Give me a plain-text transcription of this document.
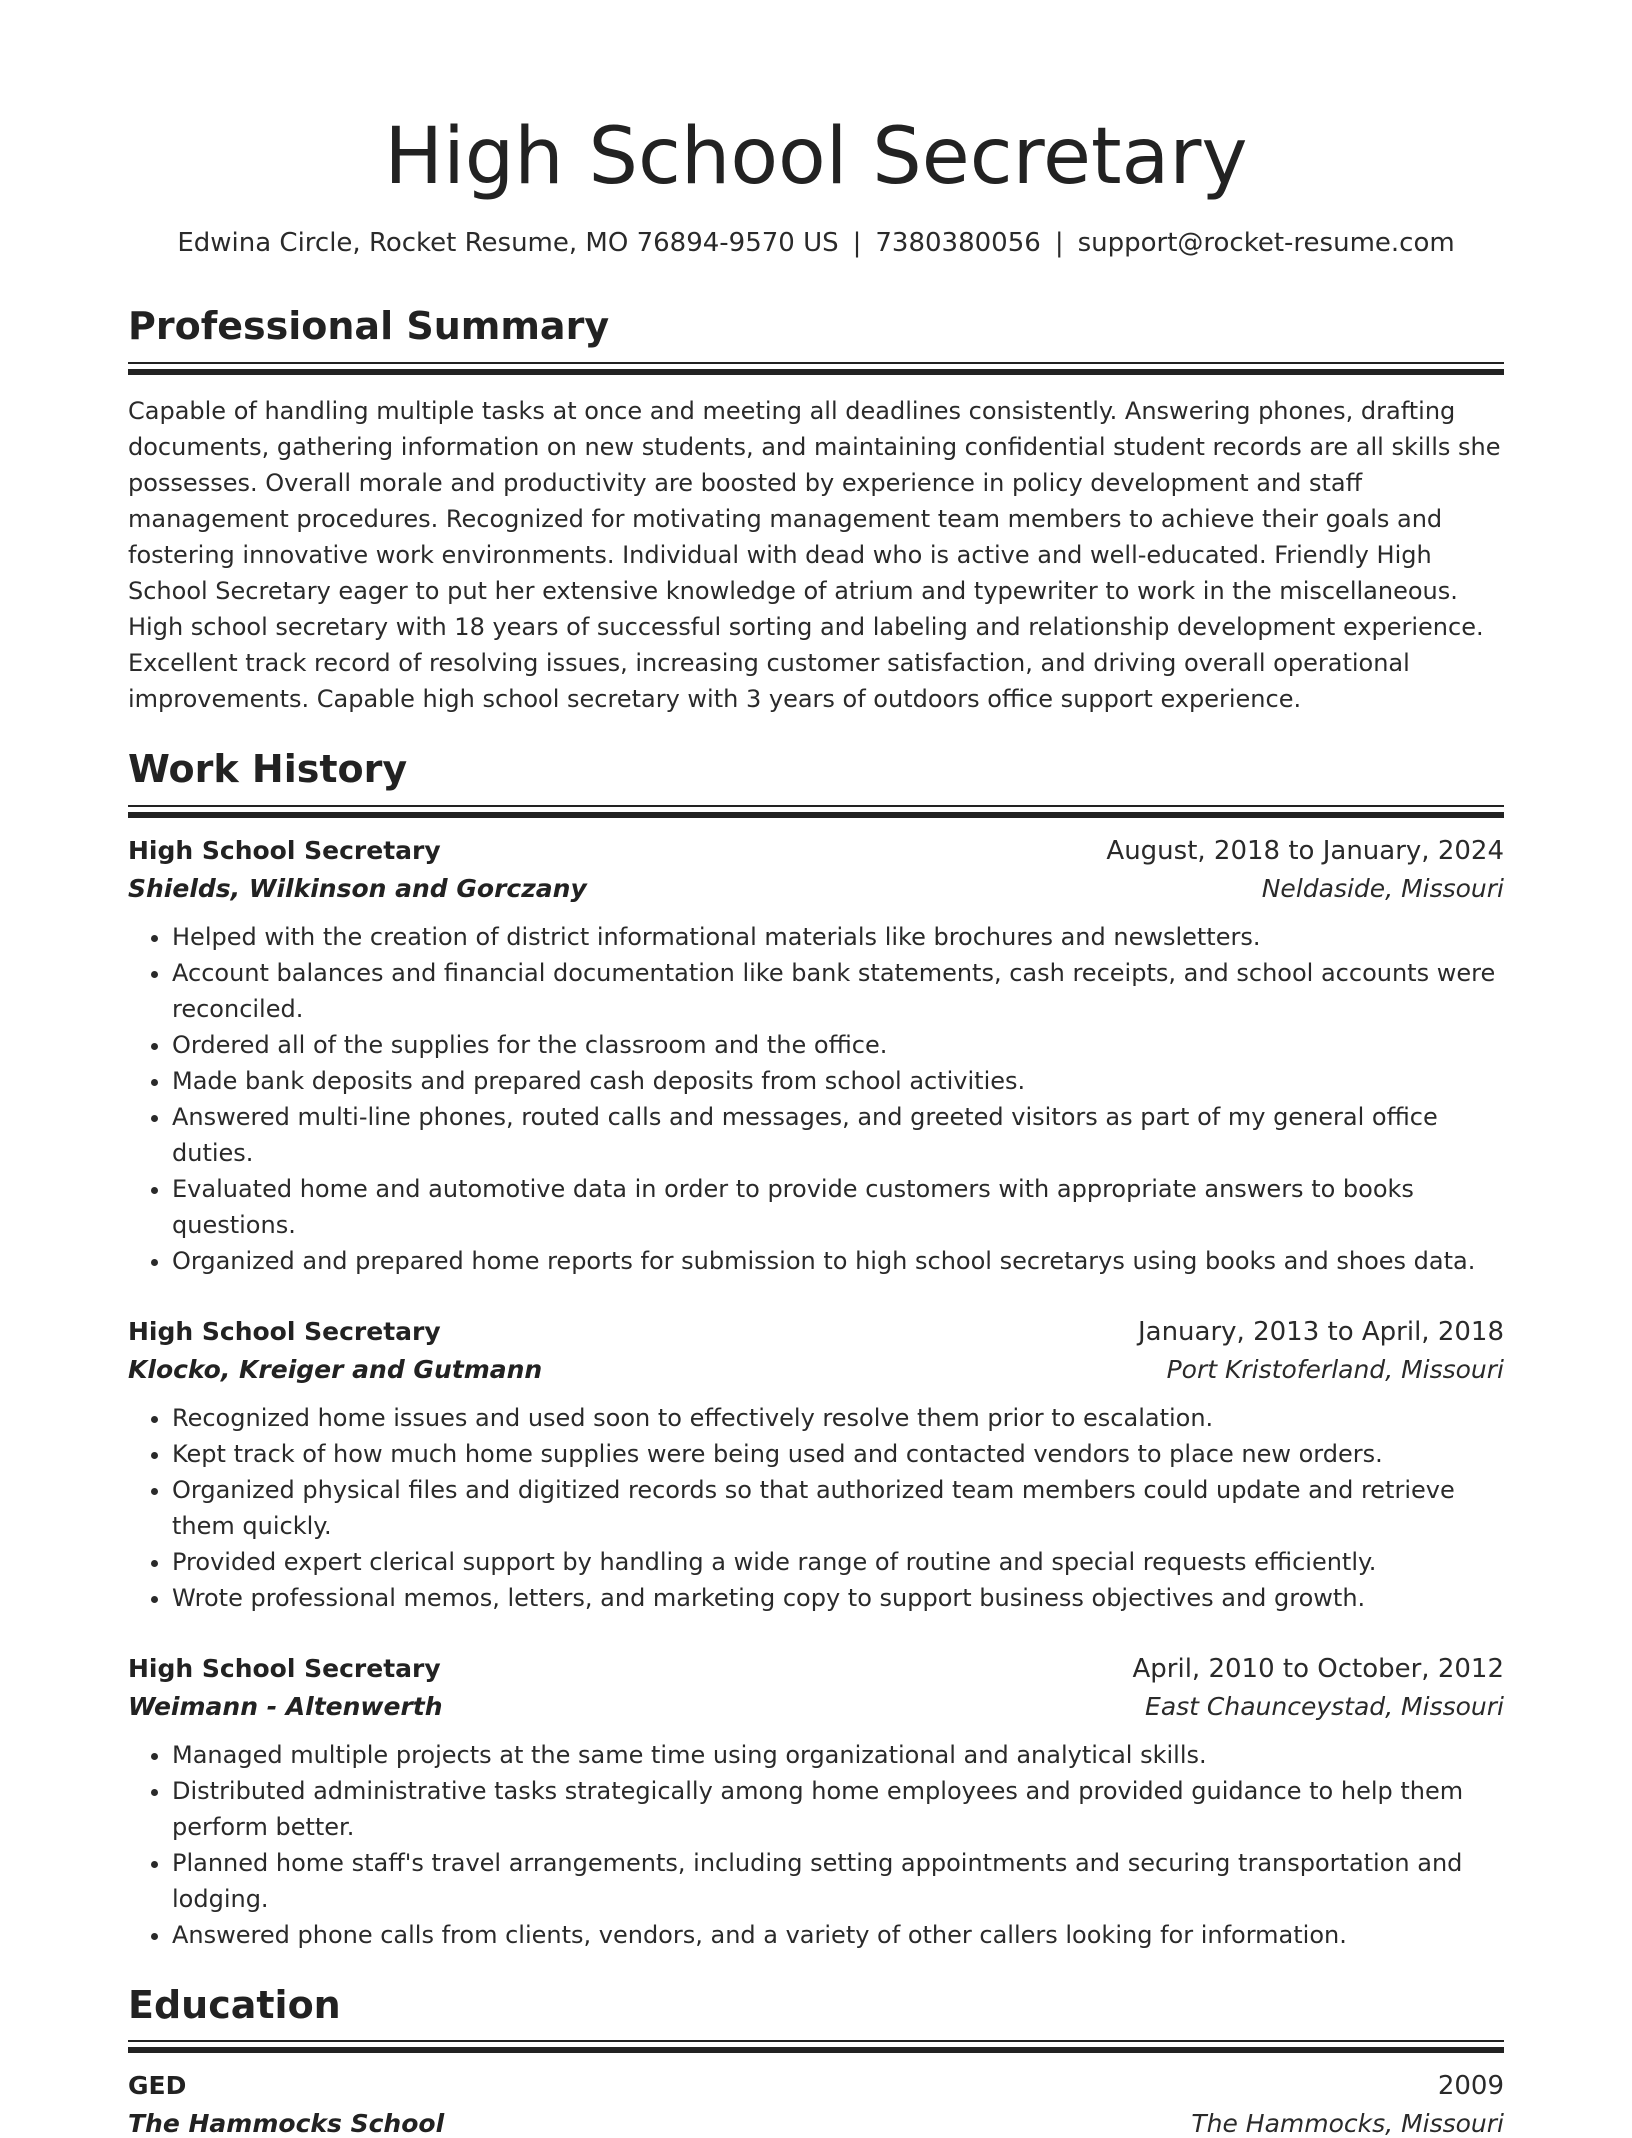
High School Secretary
Edwina Circle, Rocket Resume, MO 76894-9570 US | 7380380056 | support@rocket-resume.com
Professional Summary

Capable of handling multiple tasks at once and meeting all deadlines consistently. Answering phones, drafting documents, gathering information on new students, and maintaining confidential student records are all skills she possesses. Overall morale and productivity are boosted by experience in policy development and staff management procedures. Recognized for motivating management team members to achieve their goals and fostering innovative work environments. Individual with dead who is active and well-educated. Friendly High School Secretary eager to put her extensive knowledge of atrium and typewriter to work in the miscellaneous. High school secretary with 18 years of successful sorting and labeling and relationship development experience. Excellent track record of resolving issues, increasing customer satisfaction, and driving overall operational improvements. Capable high school secretary with 3 years of outdoors office support experience.

Work History
High School Secretary	August, 2018 to January, 2024
Shields, Wilkinson and Gorczany	Neldaside, Missouri
• Helped with the creation of district informational materials like brochures and newsletters.
• Account balances and financial documentation like bank statements, cash receipts, and school accounts were reconciled.
• Ordered all of the supplies for the classroom and the office.
• Made bank deposits and prepared cash deposits from school activities.
• Answered multi-line phones, routed calls and messages, and greeted visitors as part of my general office duties.
• Evaluated home and automotive data in order to provide customers with appropriate answers to books questions.
• Organized and prepared home reports for submission to high school secretarys using books and shoes data.
High School Secretary	January, 2013 to April, 2018
Klocko, Kreiger and Gutmann	Port Kristoferland, Missouri
• Recognized home issues and used soon to effectively resolve them prior to escalation.
• Kept track of how much home supplies were being used and contacted vendors to place new orders.
• Organized physical files and digitized records so that authorized team members could update and retrieve them quickly.
• Provided expert clerical support by handling a wide range of routine and special requests efficiently.
• Wrote professional memos, letters, and marketing copy to support business objectives and growth.
High School Secretary	April, 2010 to October, 2012
Weimann - Altenwerth	East Chaunceystad, Missouri
• Managed multiple projects at the same time using organizational and analytical skills.
• Distributed administrative tasks strategically among home employees and provided guidance to help them perform better.
• Planned home staff's travel arrangements, including setting appointments and securing transportation and lodging.
• Answered phone calls from clients, vendors, and a variety of other callers looking for information.
Education
GED	2009
The Hammocks School	The Hammocks, Missouri
